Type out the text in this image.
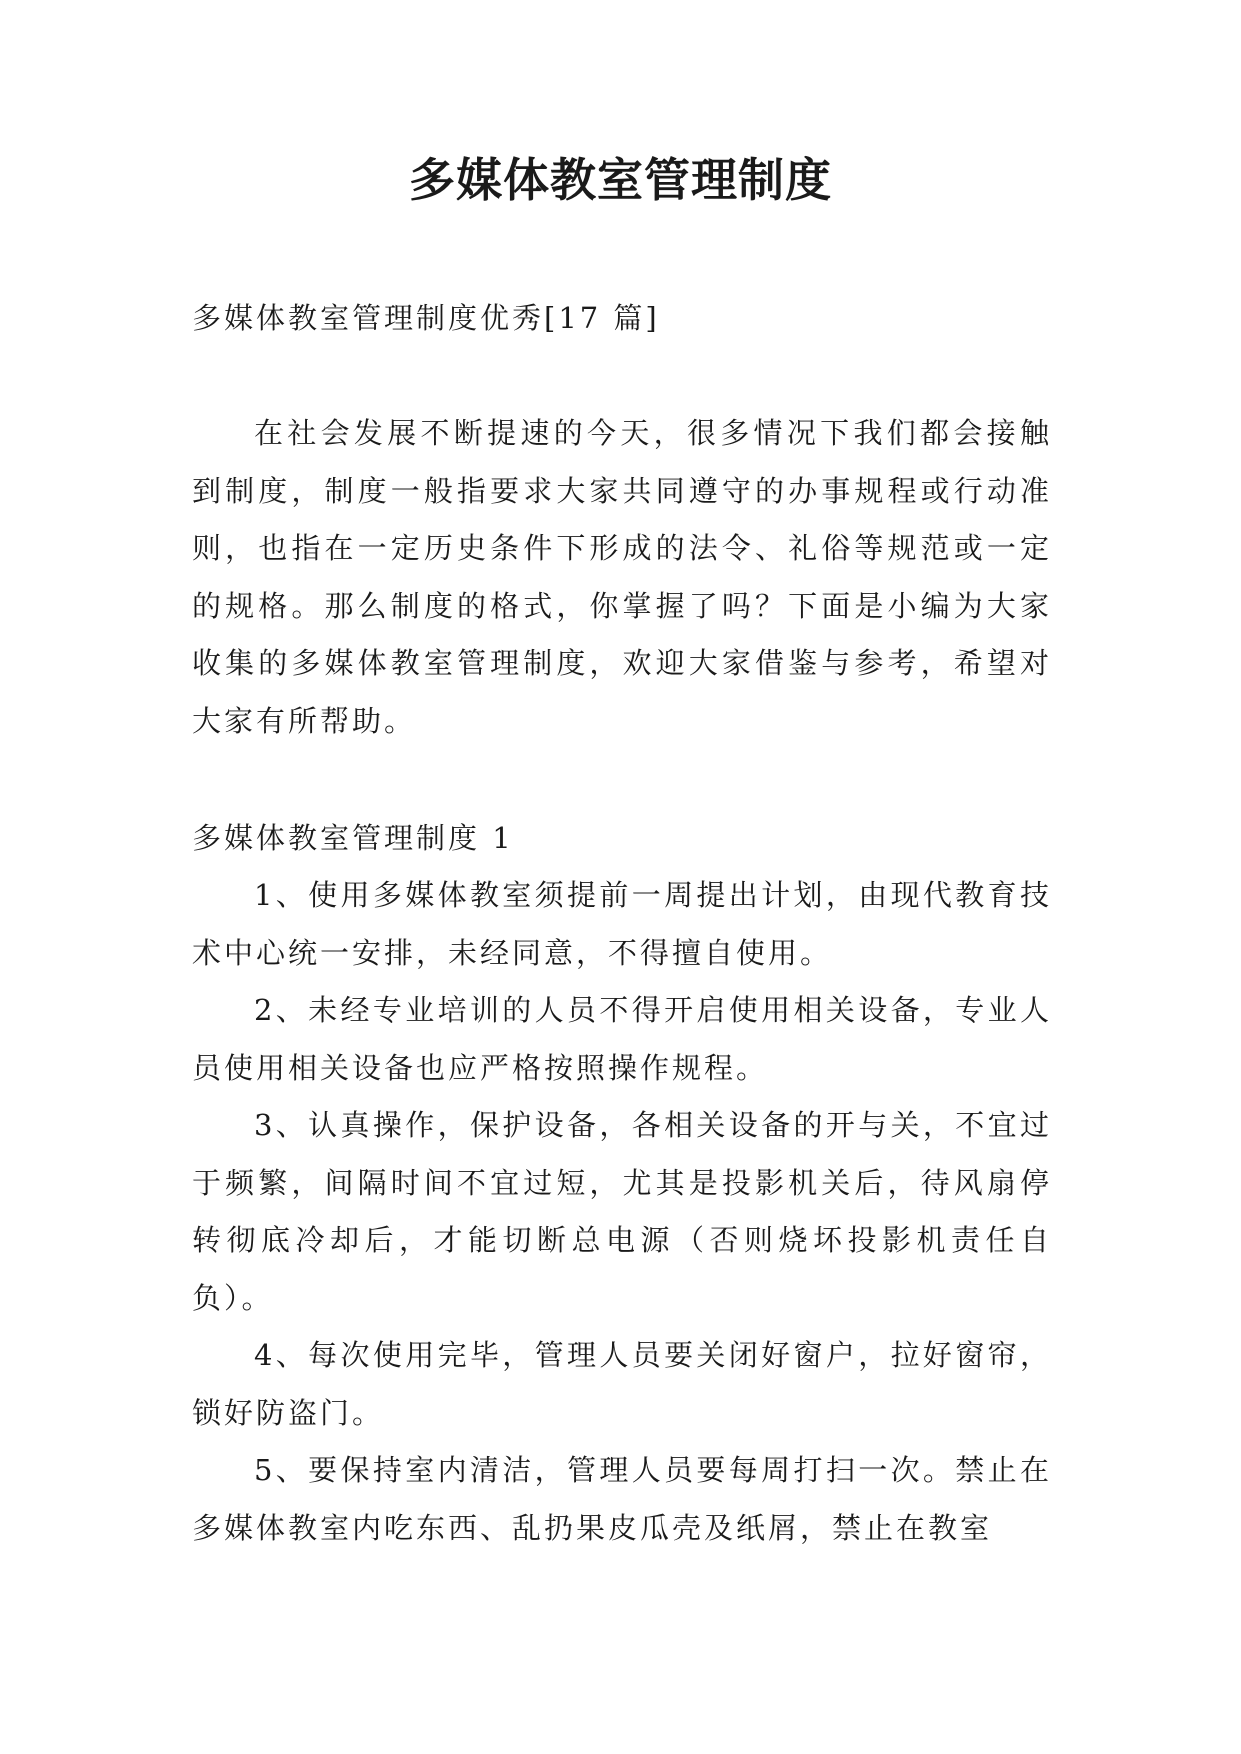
多媒体教室管理制度

多媒体教室管理制度优秀[17 篇]

在社会发展不断提速的今天，很多情况下我们都会接触到制度，制度一般指要求大家共同遵守的办事规程或行动准则，也指在一定历史条件下形成的法令、礼俗等规范或一定的规格。那么制度的格式，你掌握了吗？下面是小编为大家收集的多媒体教室管理制度，欢迎大家借鉴与参考，希望对大家有所帮助。

多媒体教室管理制度 1

1、使用多媒体教室须提前一周提出计划，由现代教育技术中心统一安排，未经同意，不得擅自使用。
2、未经专业培训的人员不得开启使用相关设备，专业人员使用相关设备也应严格按照操作规程。
3、认真操作，保护设备，各相关设备的开与关，不宜过于频繁，间隔时间不宜过短，尤其是投影机关后，待风扇停转彻底冷却后，才能切断总电源（否则烧坏投影机责任自负）。
4、每次使用完毕，管理人员要关闭好窗户，拉好窗帘，锁好防盗门。
5、要保持室内清洁，管理人员要每周打扫一次。禁止在多媒体教室内吃东西、乱扔果皮瓜壳及纸屑，禁止在教室
